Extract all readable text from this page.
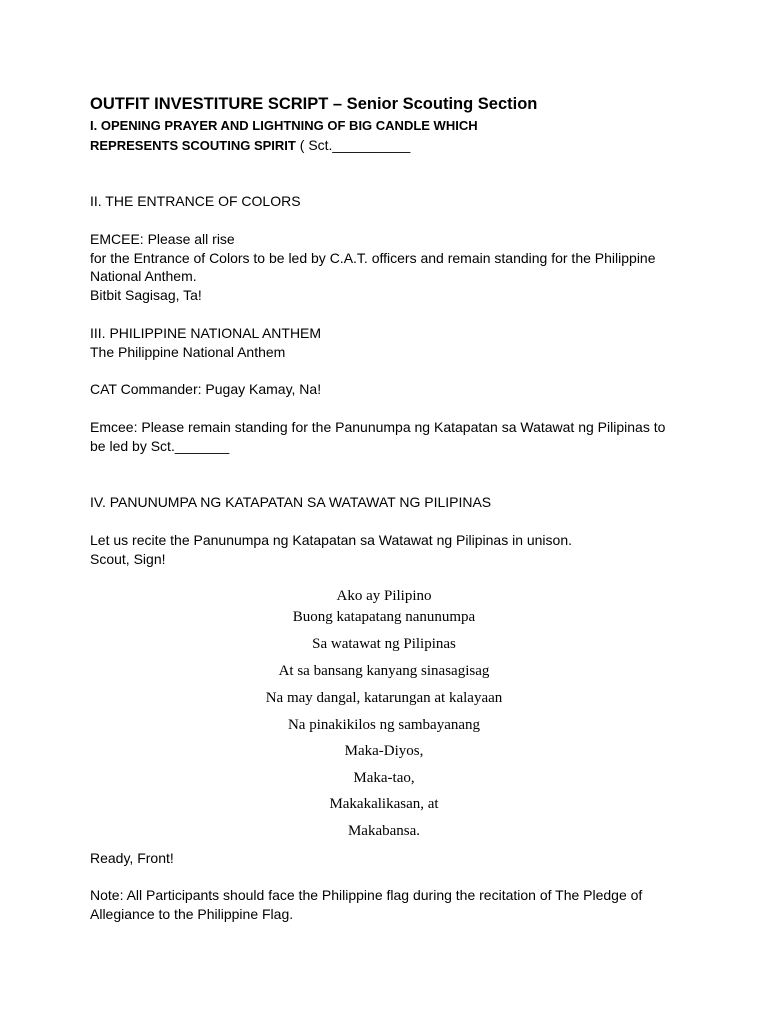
OUTFIT INVESTITURE SCRIPT – Senior Scouting Section
I. OPENING PRAYER AND LIGHTNING OF BIG CANDLE WHICH
REPRESENTS SCOUTING SPIRIT ( Sct.__________
II. THE ENTRANCE OF COLORS
EMCEE: Please all rise
for the Entrance of Colors to be led by C.A.T. officers and remain standing for the Philippine
National Anthem.
Bitbit Sagisag, Ta!
III. PHILIPPINE NATIONAL ANTHEM
The Philippine National Anthem
CAT Commander: Pugay Kamay, Na!
Emcee: Please remain standing for the Panunumpa ng Katapatan sa Watawat ng Pilipinas to
be led by Sct._______
IV. PANUNUMPA NG KATAPATAN SA WATAWAT NG PILIPINAS
Let us recite the Panunumpa ng Katapatan sa Watawat ng Pilipinas in unison.
Scout, Sign!
Ako ay Pilipino
Buong katapatang nanunumpa
Sa watawat ng Pilipinas
At sa bansang kanyang sinasagisag
Na may dangal, katarungan at kalayaan
Na pinakikilos ng sambayanang
Maka-Diyos,
Maka-tao,
Makakalikasan, at
Makabansa.
Ready, Front!
Note: All Participants should face the Philippine flag during the recitation of The Pledge of
Allegiance to the Philippine Flag.
